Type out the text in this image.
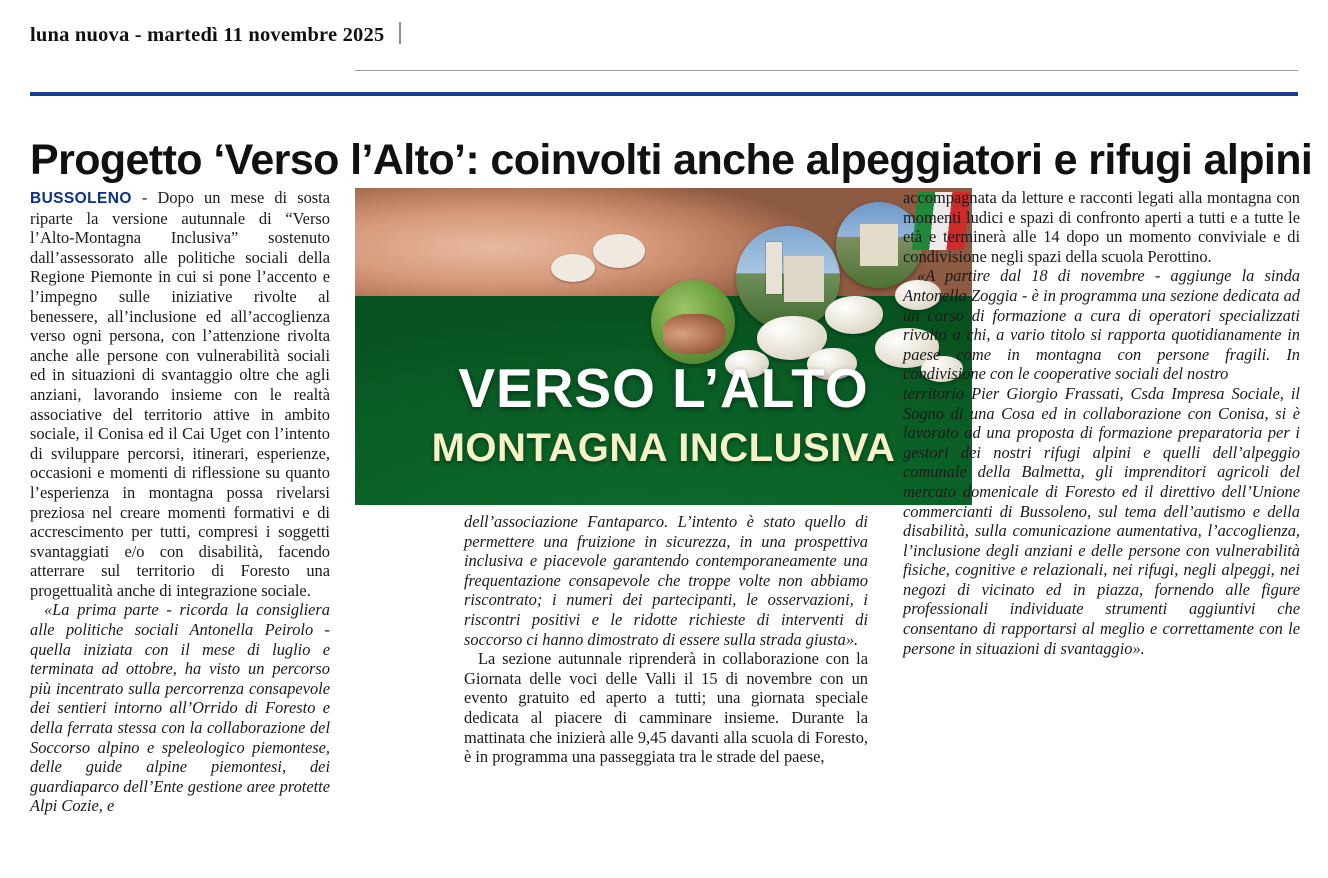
luna nuova - martedì 11 novembre 2025
Progetto ‘Verso l’Alto’: coinvolti anche alpeggiatori e rifugi alpini
VERSO L’ALTO
MONTAGNA INCLUSIVA

BUSSOLENO - Dopo un mese di sosta riparte la versione autunnale di “Verso l’Alto-Montagna Inclusiva” sostenuto dall’assessorato alle politiche sociali della Regione Piemonte in cui si pone l’accento e l’impegno sulle iniziative rivolte al benessere, all’inclusione ed all’accoglienza verso ogni persona, con l’attenzione rivolta anche alle persone con vulnerabilità sociali ed in situazioni di svantaggio oltre che agli anziani, lavorando insieme con le realtà associative del territorio attive in ambito sociale, il Conisa ed il Cai Uget con l’intento di sviluppare percorsi, itinerari, esperienze, occasioni e momenti di riflessione su quanto l’esperienza in montagna possa rivelarsi preziosa nel creare momenti formativi e di accrescimento per tutti, compresi i soggetti svantaggiati e/o con disabilità, facendo atterrare sul territorio di Foresto una progettualità anche di integrazione sociale.

«La prima parte - ricorda la consigliera alle politiche sociali Antonella Peirolo - quella iniziata con il mese di luglio e terminata ad ottobre, ha visto un percorso più incentrato sulla percorrenza consapevole dei sentieri intorno all’Orrido di Foresto e della ferrata stessa con la collaborazione del Soccorso alpino e speleologico piemontese, delle guide alpine piemontesi, dei guardiaparco dell’Ente gestione aree protette Alpi Cozie, e

dell’associazione Fantaparco. L’intento è stato quello di permettere una fruizione in sicurezza, in una prospettiva inclusiva e piacevole garantendo contemporaneamente una frequentazione consapevole che troppe volte non abbiamo riscontrato; i numeri dei partecipanti, le osservazioni, i riscontri positivi e le ridotte richieste di interventi di soccorso ci hanno dimostrato di essere sulla strada giusta».

La sezione autunnale riprenderà in collaborazione con la Giornata delle voci delle Valli il 15 di novembre con un evento gratuito ed aperto a tutti; una giornata speciale dedicata al piacere di camminare insieme. Durante la mattinata che inizierà alle 9,45 davanti alla scuola di Foresto, è in programma una passeggiata tra le strade del paese,

accompagnata da letture e racconti legati alla montagna con momenti ludici e spazi di confronto aperti a tutti e a tutte le età e terminerà alle 14 dopo un momento conviviale e di condivisione negli spazi della scuola Perottino.

«A partire dal 18 di novembre - aggiunge la sinda Antonella Zoggia - è in programma una sezione dedicata ad un corso di formazione a cura di operatori specializzati rivolto a chi, a vario titolo si rapporta quotidianamente in paese come in montagna con persone fragili. In condivisione con le cooperative sociali del nostro

territorio Pier Giorgio Frassati, Csda Impresa Sociale, il Sogno di una Cosa ed in collaborazione con Conisa, si è lavorato ad una proposta di formazione preparatoria per i gestori dei nostri rifugi alpini e quelli dell’alpeggio comunale della Balmetta, gli imprenditori agricoli del mercato domenicale di Foresto ed il direttivo dell’Unione commercianti di Bussoleno, sul tema dell’autismo e della disabilità, sulla comunicazione aumentativa, l’accoglienza, l’inclusione degli anziani e delle persone con vulnerabilità fisiche, cognitive e relazionali, nei rifugi, negli alpeggi, nei negozi di vicinato ed in piazza, fornendo alle figure professionali individuate strumenti aggiuntivi che consentano di rapportarsi al meglio e correttamente con le persone in situazioni di svantaggio».
